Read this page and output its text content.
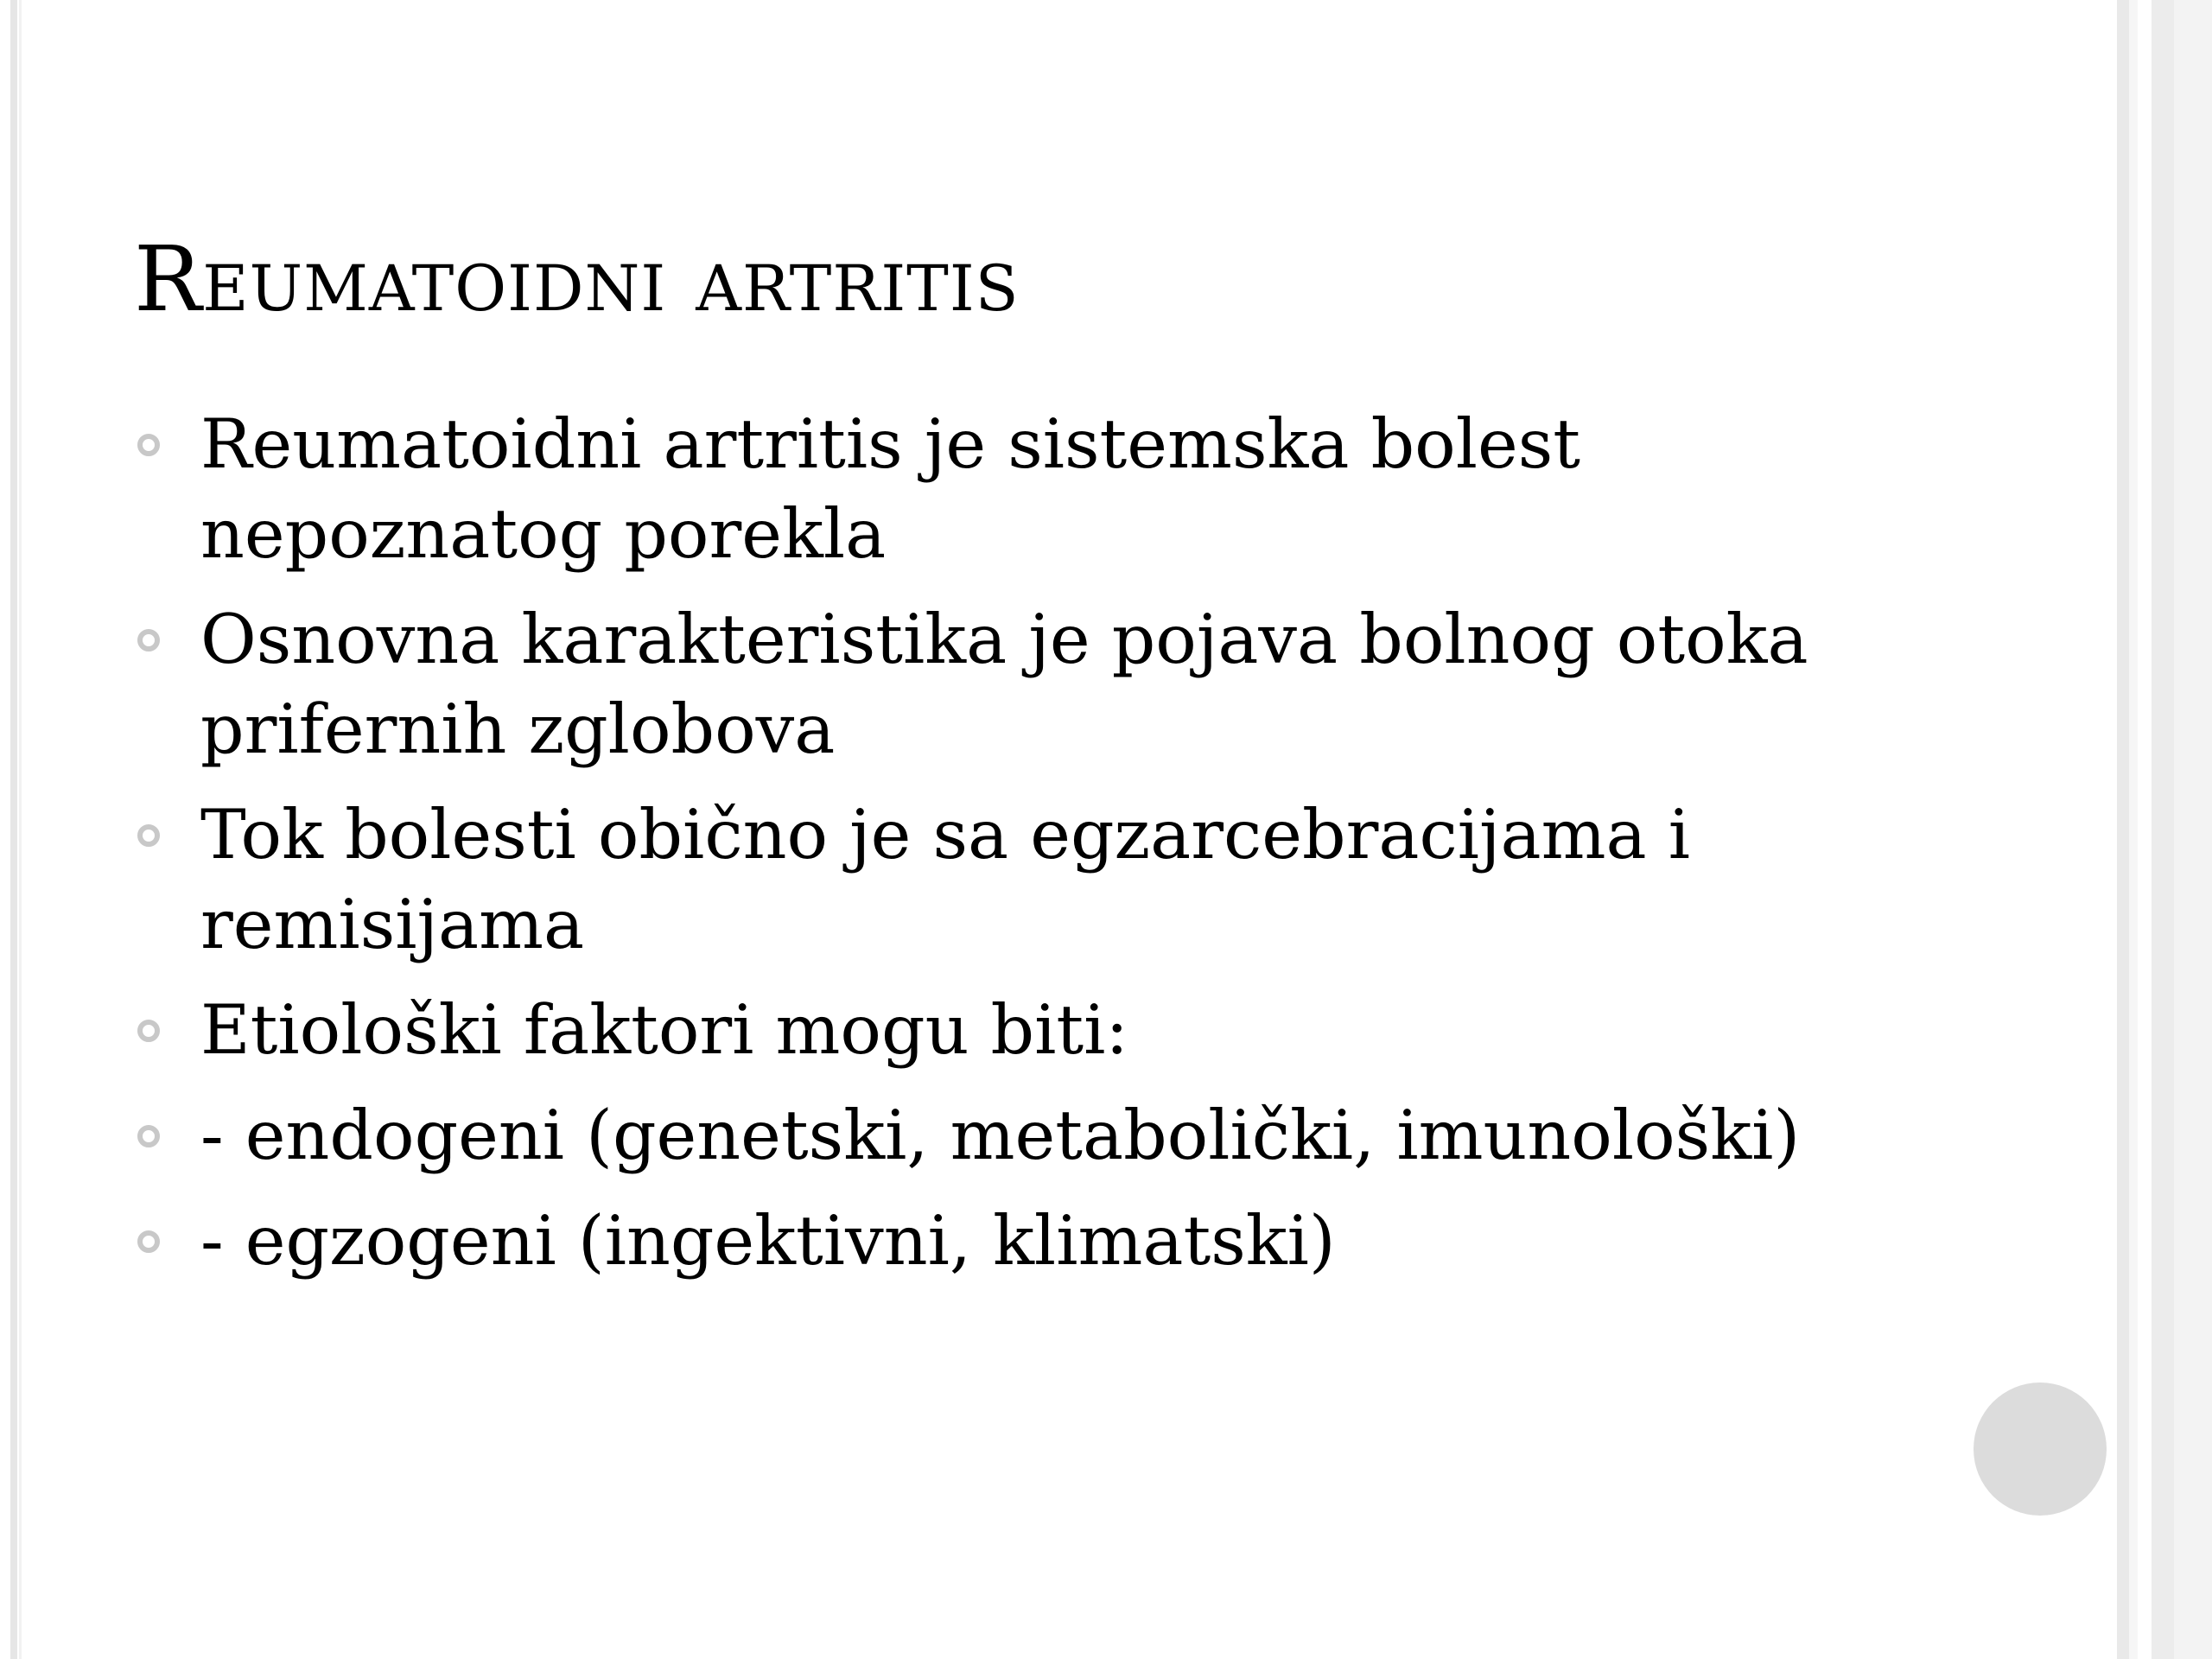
Reumatoidni artritis
Reumatoidni artritis je sistemska bolest nepoznatog porekla
Osnovna karakteristika je pojava bolnog otoka prifernih zglobova
Tok bolesti obično je sa egzarcebracijama i remisijama
Etiološki faktori mogu biti:
- endogeni (genetski, metabolički, imunološki)
- egzogeni (ingektivni, klimatski)
